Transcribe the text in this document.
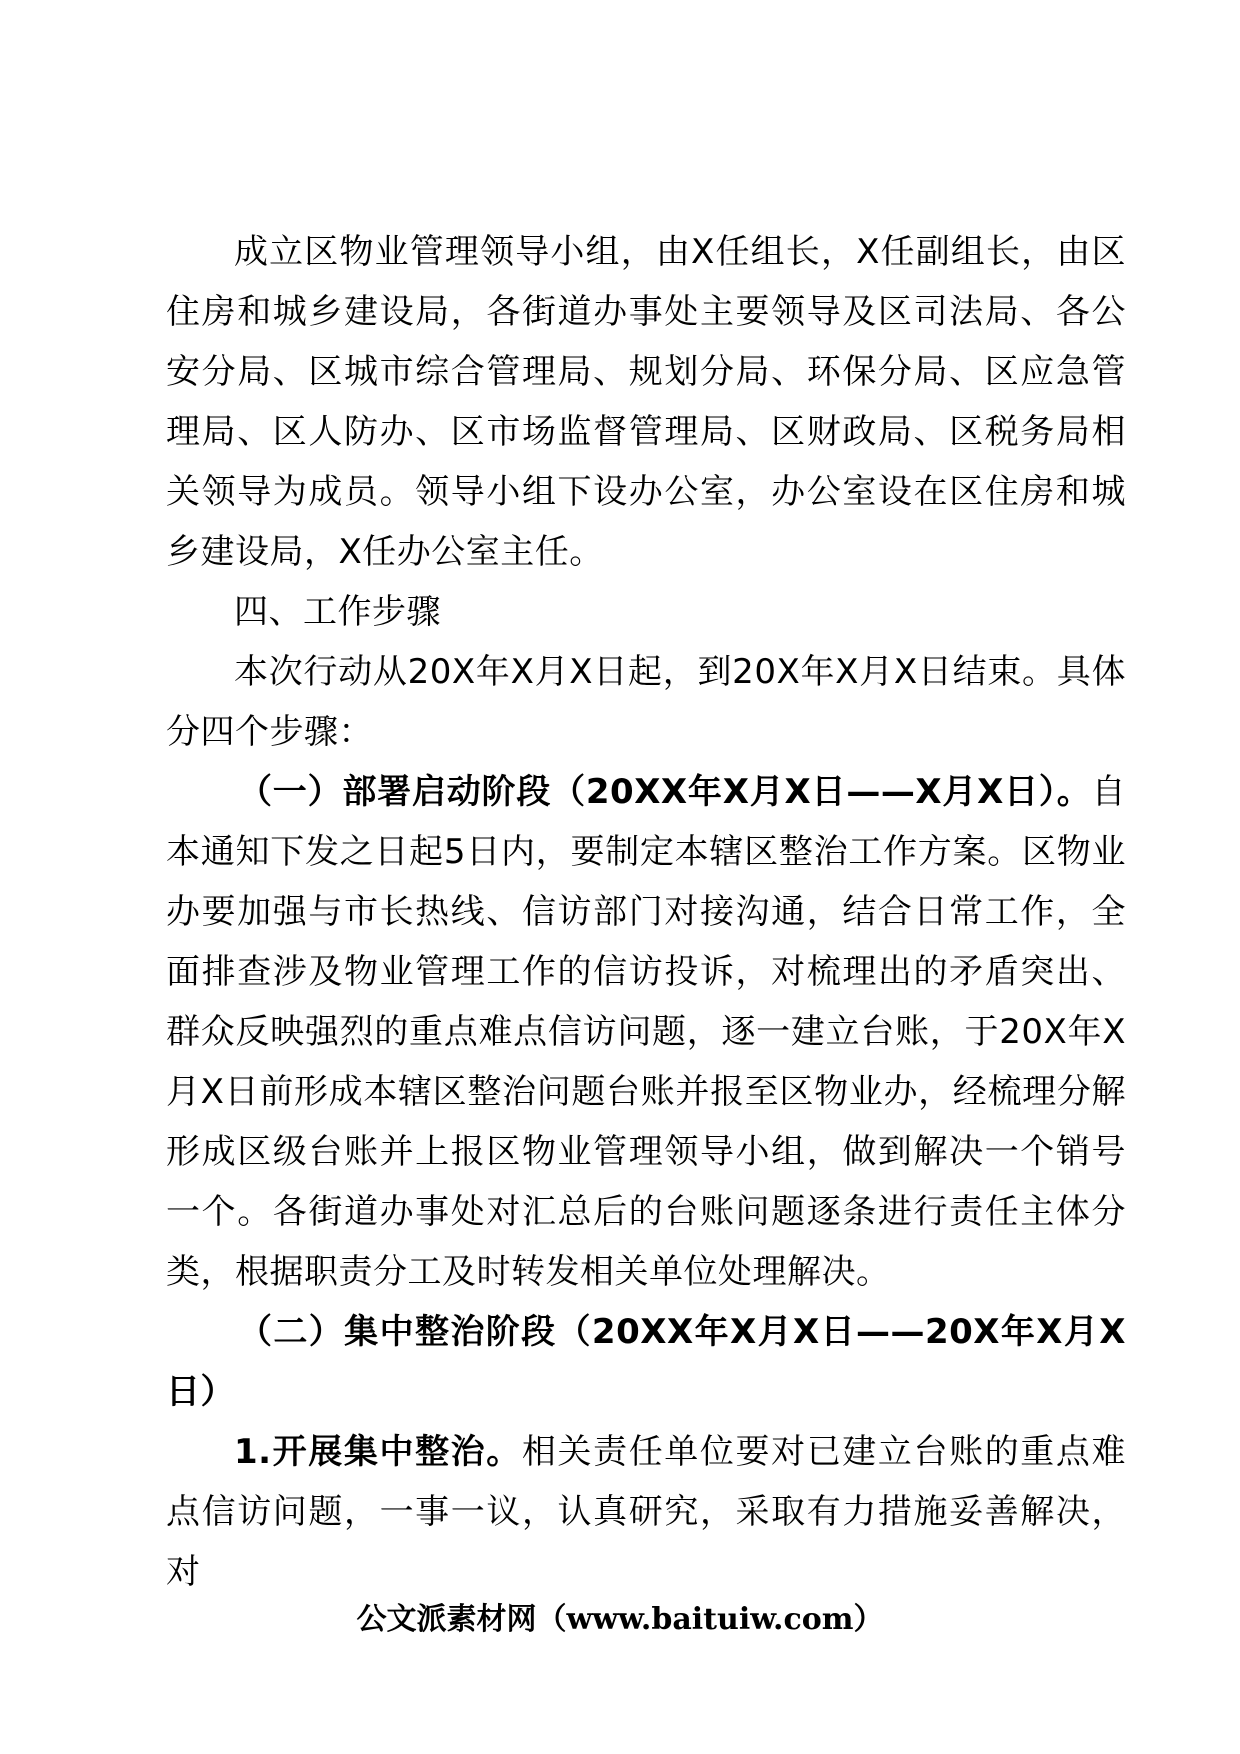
成立区物业管理领导小组，由X任组长，X任副组长，由区住房和城乡建设局，各街道办事处主要领导及区司法局、各公安分局、区城市综合管理局、规划分局、环保分局、区应急管理局、区人防办、区市场监督管理局、区财政局、区税务局相关领导为成员。领导小组下设办公室，办公室设在区住房和城乡建设局，X任办公室主任。

四、工作步骤

本次行动从20X年X月X日起，到20X年X月X日结束。具体分四个步骤：

（一）部署启动阶段（20XX年X月X日——X月X日）。自本通知下发之日起5日内，要制定本辖区整治工作方案。区物业办要加强与市长热线、信访部门对接沟通，结合日常工作，全面排查涉及物业管理工作的信访投诉，对梳理出的矛盾突出、群众反映强烈的重点难点信访问题，逐一建立台账，于20X年X月X日前形成本辖区整治问题台账并报至区物业办，经梳理分解形成区级台账并上报区物业管理领导小组，做到解决一个销号一个。各街道办事处对汇总后的台账问题逐条进行责任主体分类，根据职责分工及时转发相关单位处理解决。

（二）集中整治阶段（20XX年X月X日——20X年X月X日）

1.开展集中整治。相关责任单位要对已建立台账的重点难点信访问题，一事一议，认真研究，采取有力措施妥善解决，对

公文派素材网（www.baituiw.com）
